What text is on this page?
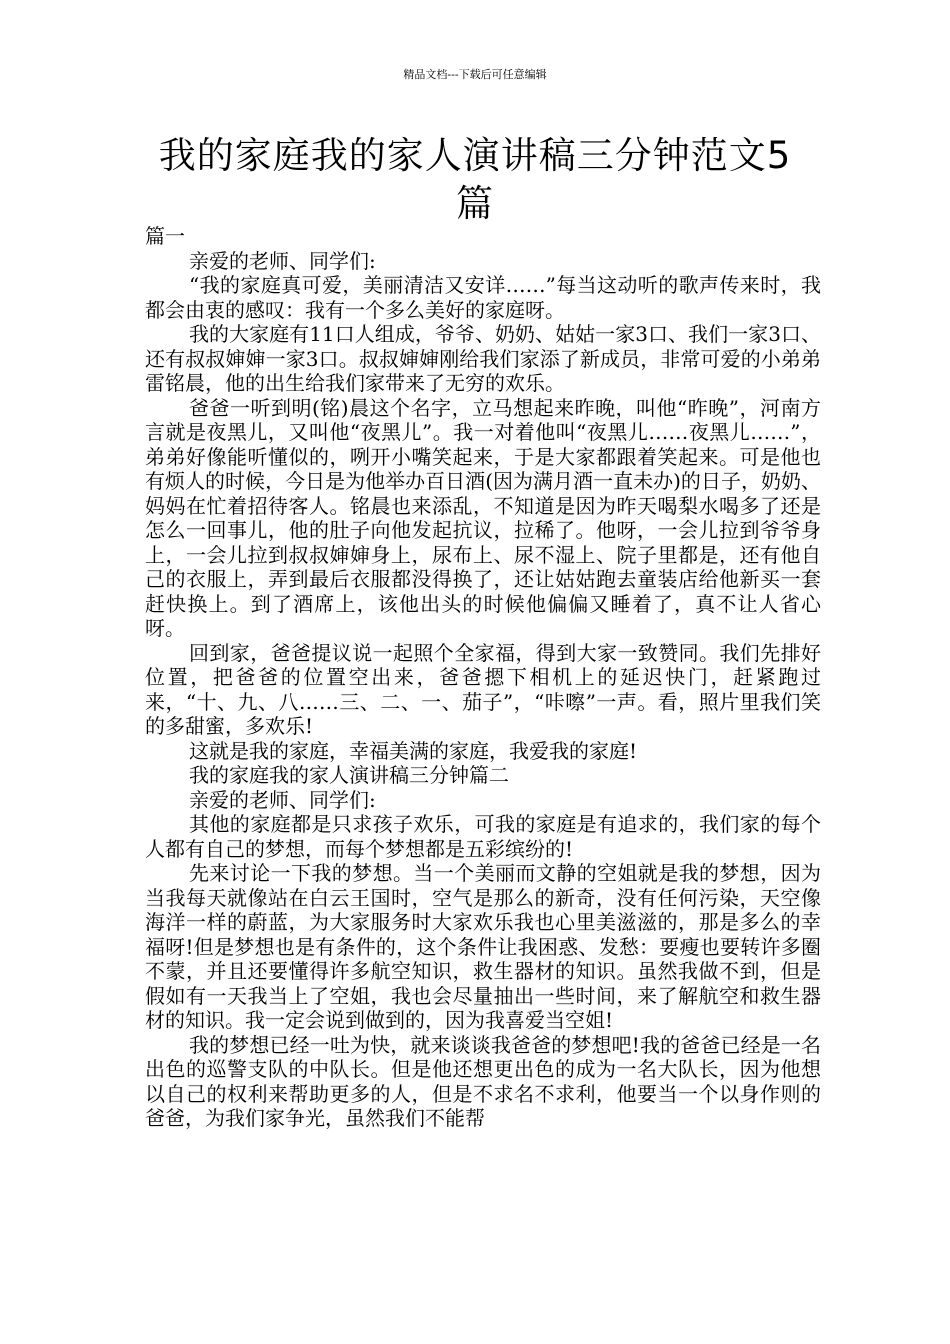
精品文档---下载后可任意编辑
我的家庭我的家人演讲稿三分钟范文5篇

篇一

亲爱的老师、同学们:

“我的家庭真可爱，美丽清洁又安详……”每当这动听的歌声传来时，我都会由衷的感叹：我有一个多么美好的家庭呀。

我的大家庭有11口人组成，爷爷、奶奶、姑姑一家3口、我们一家3口、还有叔叔婶婶一家3口。叔叔婶婶刚给我们家添了新成员，非常可爱的小弟弟雷铭晨，他的出生给我们家带来了无穷的欢乐。

爸爸一听到明(铭)晨这个名字，立马想起来昨晚，叫他“昨晚”，河南方言就是夜黑儿，又叫他“夜黑儿”。我一对着他叫“夜黑儿……夜黑儿……”，弟弟好像能听懂似的，咧开小嘴笑起来，于是大家都跟着笑起来。可是他也有烦人的时候，今日是为他举办百日酒(因为满月酒一直未办)的日子，奶奶、妈妈在忙着招待客人。铭晨也来添乱，不知道是因为昨天喝梨水喝多了还是怎么一回事儿，他的肚子向他发起抗议，拉稀了。他呀，一会儿拉到爷爷身上，一会儿拉到叔叔婶婶身上，尿布上、尿不湿上、院子里都是，还有他自己的衣服上，弄到最后衣服都没得换了，还让姑姑跑去童装店给他新买一套赶快换上。到了酒席上，该他出头的时候他偏偏又睡着了，真不让人省心呀。

回到家，爸爸提议说一起照个全家福，得到大家一致赞同。我们先排好位置，把爸爸的位置空出来，爸爸摁下相机上的延迟快门，赶紧跑过来，“十、九、八……三、二、一、茄子”，“咔嚓”一声。看，照片里我们笑的多甜蜜，多欢乐!

这就是我的家庭，幸福美满的家庭，我爱我的家庭!

我的家庭我的家人演讲稿三分钟篇二

亲爱的老师、同学们:

其他的家庭都是只求孩子欢乐，可我的家庭是有追求的，我们家的每个人都有自己的梦想，而每个梦想都是五彩缤纷的!

先来讨论一下我的梦想。当一个美丽而文静的空姐就是我的梦想，因为当我每天就像站在白云王国时，空气是那么的新奇，没有任何污染，天空像海洋一样的蔚蓝，为大家服务时大家欢乐我也心里美滋滋的，那是多么的幸福呀!但是梦想也是有条件的，这个条件让我困惑、发愁：要瘦也要转许多圈不蒙，并且还要懂得许多航空知识，救生器材的知识。虽然我做不到，但是假如有一天我当上了空姐，我也会尽量抽出一些时间，来了解航空和救生器材的知识。我一定会说到做到的，因为我喜爱当空姐!

我的梦想已经一吐为快，就来谈谈我爸爸的梦想吧!我的爸爸已经是一名出色的巡警支队的中队长。但是他还想更出色的成为一名大队长，因为他想以自己的权利来帮助更多的人，但是不求名不求利，他要当一个以身作则的爸爸，为我们家争光，虽然我们不能帮
